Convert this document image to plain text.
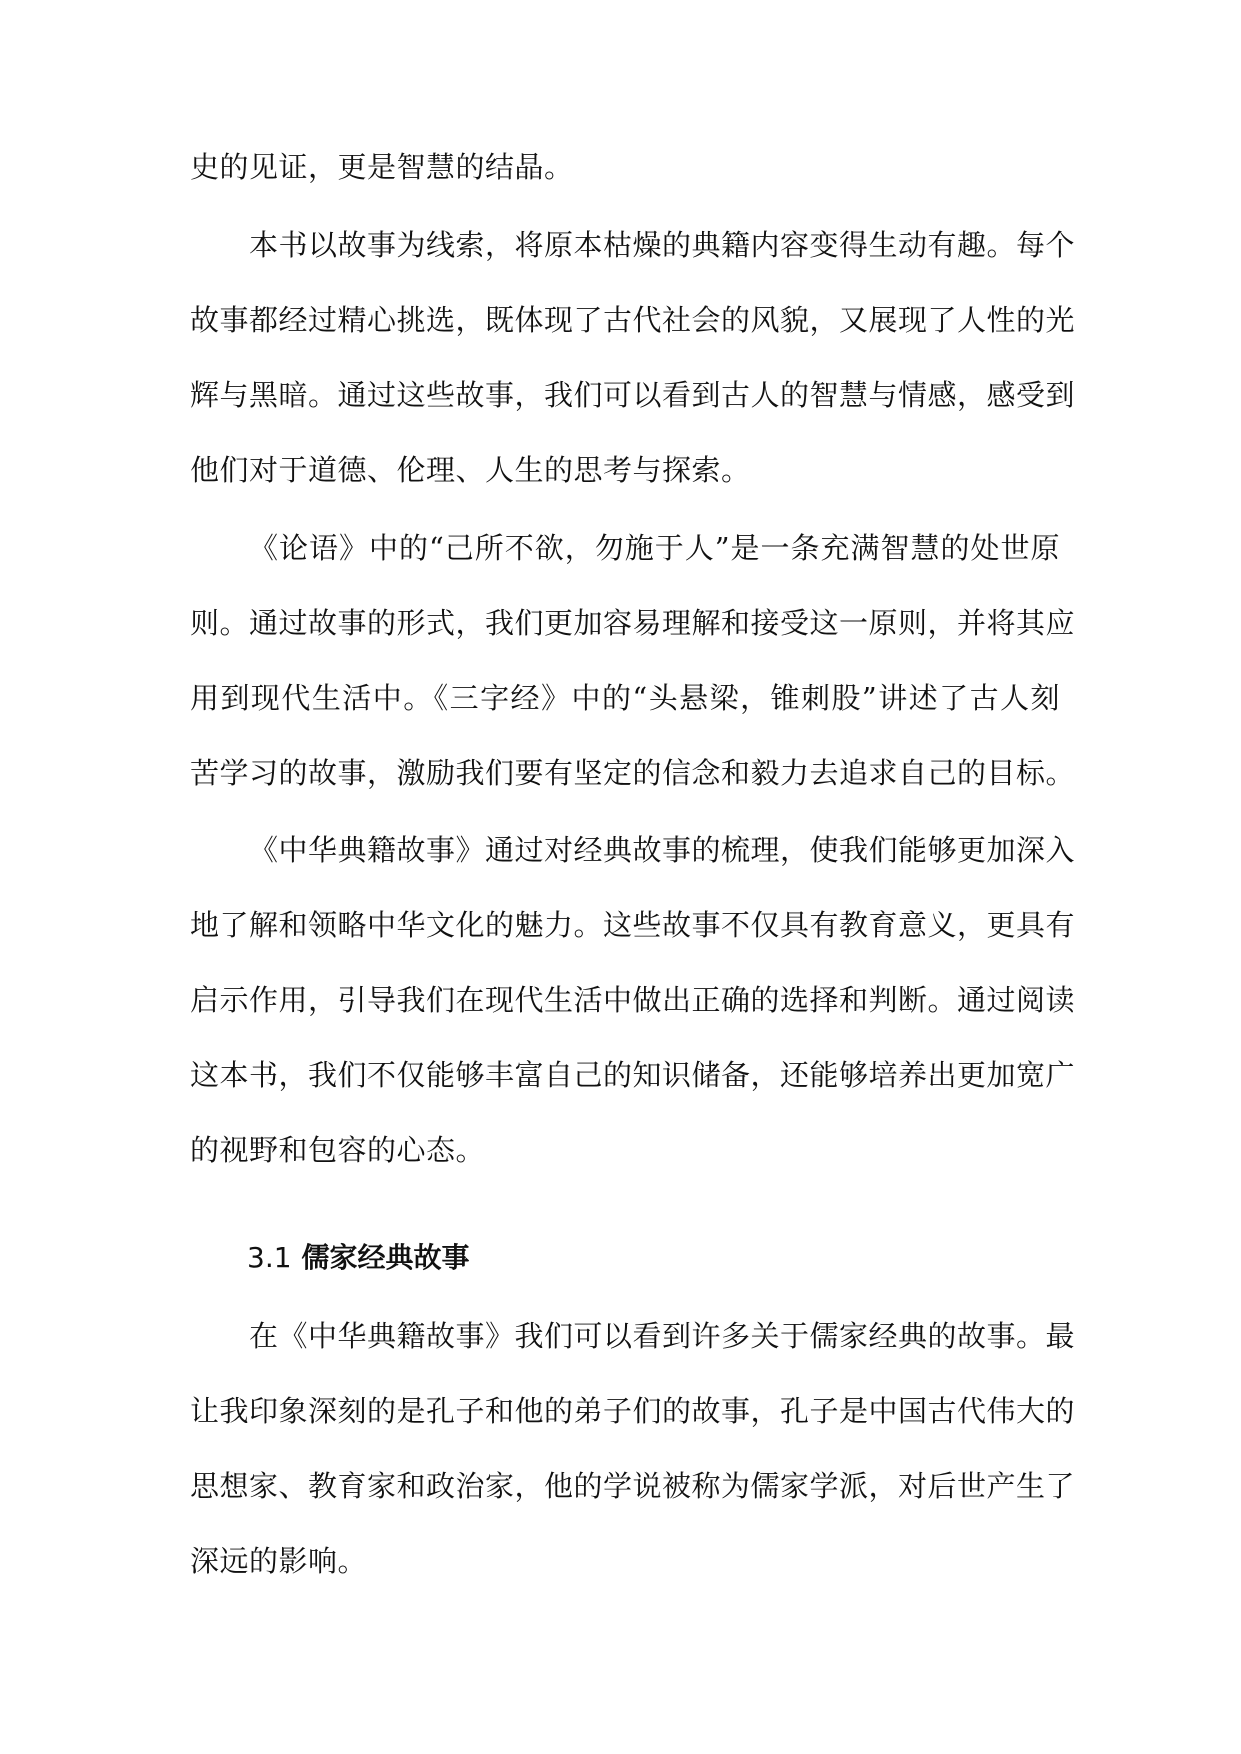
史的见证，更是智慧的结晶。
本书以故事为线索，将原本枯燥的典籍内容变得生动有趣。每个
故事都经过精心挑选，既体现了古代社会的风貌，又展现了人性的光
辉与黑暗。通过这些故事，我们可以看到古人的智慧与情感，感受到
他们对于道德、伦理、人生的思考与探索。
《论语》中的“己所不欲，勿施于人”是一条充满智慧的处世原
则。通过故事的形式，我们更加容易理解和接受这一原则，并将其应
用到现代生活中。《三字经》中的“头悬梁，锥刺股”讲述了古人刻
苦学习的故事，激励我们要有坚定的信念和毅力去追求自己的目标。
《中华典籍故事》通过对经典故事的梳理，使我们能够更加深入
地了解和领略中华文化的魅力。这些故事不仅具有教育意义，更具有
启示作用，引导我们在现代生活中做出正确的选择和判断。通过阅读
这本书，我们不仅能够丰富自己的知识储备，还能够培养出更加宽广
的视野和包容的心态。
3.1 儒家经典故事
在《中华典籍故事》我们可以看到许多关于儒家经典的故事。最
让我印象深刻的是孔子和他的弟子们的故事，孔子是中国古代伟大的
思想家、教育家和政治家，他的学说被称为儒家学派，对后世产生了
深远的影响。
